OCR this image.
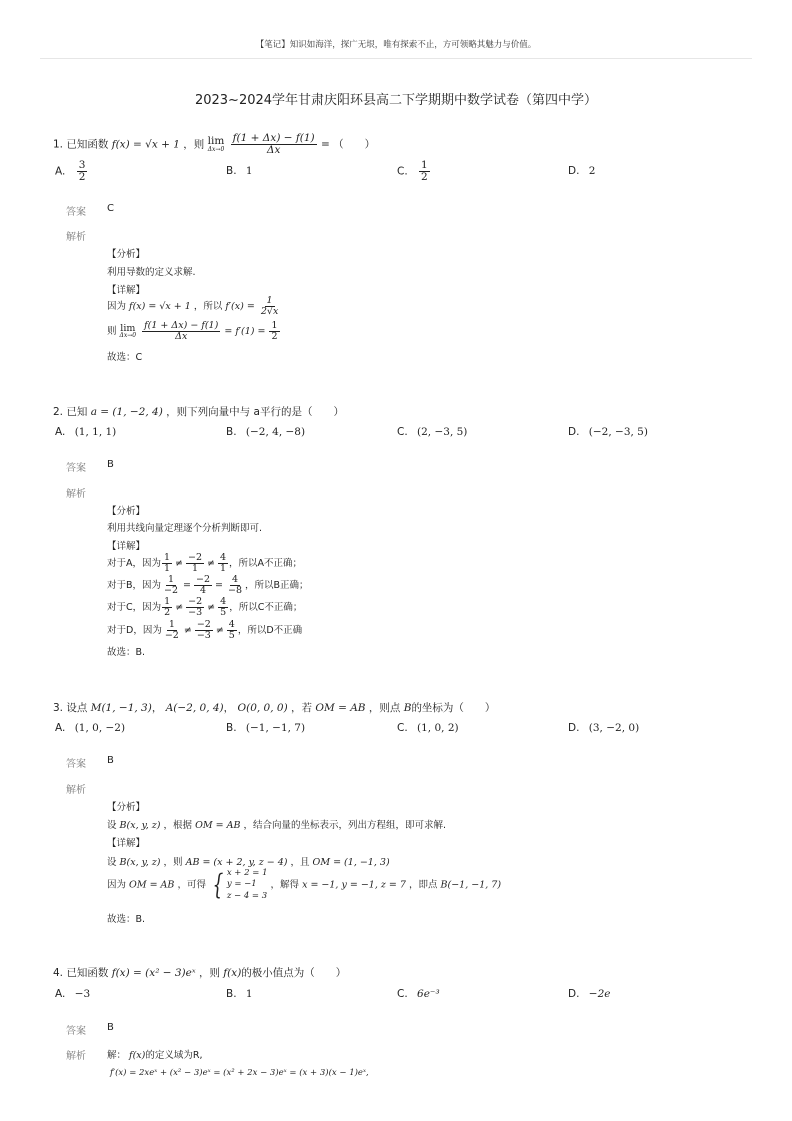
【笔记】知识如海洋，探广无垠，唯有探索不止，方可领略其魅力与价值。
2023~2024学年甘肃庆阳环县高二下学期期中数学试卷（第四中学）
1. 已知函数 f(x) = √x + 1 ，则 lim
Δx→0
$\frac{f(1 + \Delta x) - f(1)}{\Delta x}$ = （　　）
A. $\frac{3}{2}$	B. 1	C. $\frac{1}{2}$	D. 2
答案 C
解析
【分析】
利用导数的定义求解.
【详解】
因为 f(x) = √x + 1 ，所以 $f'(x) = \frac{1}{2√x}$
则 lim
Δx→0
$\frac{f(1 + \Delta x) - f(1)}{\Delta x} = f'(1) = \frac{1}{2}$
故选：C
2. 已知 a = (1, −2, 4) ，则下列向量中与 a平行的是（　　）
A. (1, 1, 1)	B. (−2, 4, −8)	C. (2, −3, 5)	D. (−2, −3, 5)
答案 B
解析
【分析】
利用共线向量定理逐个分析判断即可.
【详解】
对于A，因为 $\frac{1}{1} \ne \frac{-2}{1} \ne \frac{4}{1}$ ，所以A不正确；
对于B，因为 $\frac{1}{-2} = \frac{-2}{4} = \frac{4}{-8}$ ，所以B正确；
对于C，因为 $\frac{1}{2} \ne \frac{-2}{-3} \ne \frac{4}{5}$ ，所以C不正确；
对于D，因为 $\frac{1}{-2} \ne \frac{-2}{-3} \ne \frac{4}{5}$ ，所以D不正确
故选：B.
3. 设点 M(1, −1, 3)， A(−2, 0, 4)， O(0, 0, 0) ，若 OM = AB ，则点 B的坐标为（　　）
A. (1, 0, −2)	B. (−1, −1, 7)	C. (1, 0, 2)	D. (3, −2, 0)
答案 B
解析
【分析】
设 B(x, y, z) ，根据 OM = AB ，结合向量的坐标表示，列出方程组，即可求解.
【详解】
设 B(x, y, z) ，则 AB = (x + 2, y, z − 4) ，且 OM = (1, −1, 3)
因为 OM = AB ，可得 { x + 2 = 1
y = −1
z − 4 = 3
，解得 x = −1, y = −1, z = 7 ，即点 B(−1, −1, 7)
故选：B.
4. 已知函数 f(x) = (x² − 3)eˣ ，则 f(x)的极小值点为（　　）
A. −3	B. 1	C. 6e⁻³	D. −2e
答案 B
解析 解： f(x)的定义域为R,
f′(x) = 2xeˣ + (x² − 3)eˣ = (x² + 2x − 3)eˣ = (x + 3)(x − 1)eˣ,
